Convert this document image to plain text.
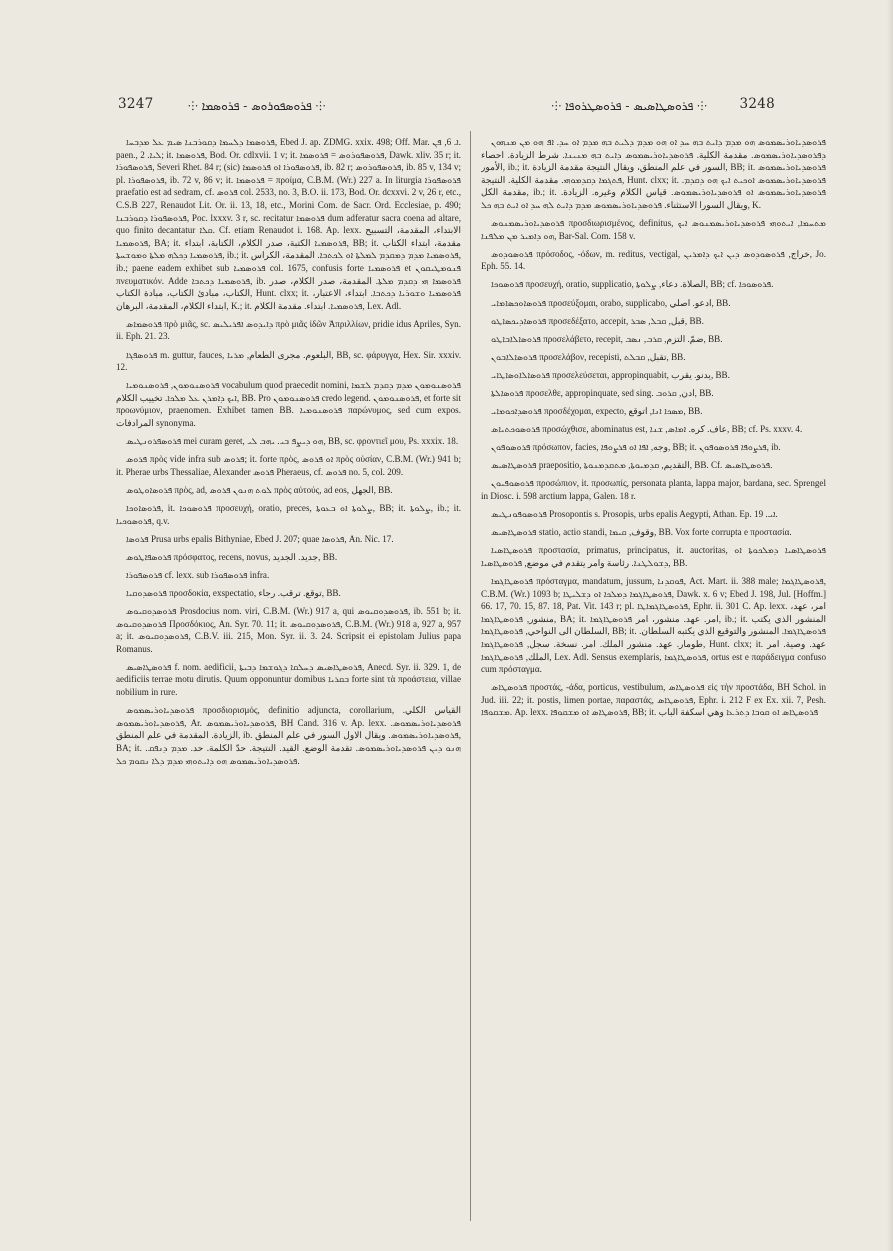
3247	⸭ ܦܪܘܣܦܘܪܘܣ - ܦܪܘܣܡܐ ⸭	⸭ ܦܪܘܣܛܐܣܝܣ - ܦܪܘܣܛܪܘܦܐ ⸭ 3248

ܦܪܘܣܡܐ ܕܠܚܡܐ ܕܩܘܪܒܢܐ ܣܝܡ ܥܠ ܡܕܒܚܐ, Ebed J. ap. ZDMG. xxix. 498; Off. Mar. ܐ. 6, ܦܢ. paen., ܠܝܐ. 2; it. ܦܪܘܣܡܐ, Bod. Or. cdlxvii. 1 v; it. ܦܪܘܣܦܘܪܘܣ = ܦܪܘܣܡܐ, Dawk. xliv. 35 r; it. ܦܪܘܣܦܘܪܐ, Severi Rhet. 84 r; (sic) ܦܪܘܣܦܘܪܐ ܐܘ ܦܪܘܣܡܐ, ib. 82 r; ܦܪܘܣܦܘܪܘܣ, ib. 85 v, 134 v; pl. ܦܪܘܣܦܘܪܐ, ib. 72 v, 86 v; it. ܦܪܘܣܡܐ = προίμα, C.B.M. (Wr.) 227 a. In liturgia ܦܪܘܣܦܘܪܐ praefatio est ad sedram, cf. ܦܪܘܣ col. 2533, no. 3, B.O. ii. 173, Bod. Or. dcxxvi. 2 v, 26 r, etc., C.S.B 227, Renaudot Lit. Or. ii. 13, 18, etc., Morini Com. de Sacr. Ord. Ecclesiae, p. 490; ܦܪܘܣܦܘܪܐ ܕܩܘܪܒܢܐ, Poc. lxxxv. 3 r, sc. recitatur ܦܪܘܣܡܐ dum adferatur sacra coena ad altare, quo finito decantatur ܩܠܐ. Cf. etiam Renaudot i. 168. Ap. lexx. الابتداء، المقدمة، التسبيح ܦܪܘܣܡܝܐ, BA; it. ܦܪܘܣܡܝܐ الكتبة، صدر الكلام، الكتابة، ابتداء, BB; it. مقدمة، ابتداء الكتاب ܦܪܘܣܡܝܐ ܕܟܠܗ ܡܠܬܐ ܘܡܘܫܚܬܐ, ib.; it. ܦܪܘܣܡܝܐ ܡܕܡ ܕܡܩܕܡ ܠܡܠܬܐ ܐܘ ܠܟܬܒܐ. المقدمة، الكراس, ib.; paene eadem exhibet sub ܦܪܘܣܡܝܐ col. 1675, confusis forte ܦܪܘܣܡܝܐ et ܦܢܘܡܛܝܩܘܢ πνευματικόν. Adde ܦܪܘܣܡܝܐ ܕܟܬܒܐ, ib. ܦܪܘܣܡܐ ܗܝ ܕܩܕܡ ܡܠܬܐ. المقدمة، صدر الكلام، صدر الكتاب، مبادئ الكتاب، مبادة الكتاب, Hunt. clxx; it. ܦܪܘܣܡܝܐ ܘܫܘܪܝܐ ܕܟܬܒܐ. ابتداء، الاعتبار، ابتداء الكلام، المقدمة، البرهان, K.; it. ܦܪܘܣܡܝܐ. ابتداء. مقدمة الكلام, Lex. Adl.

ܦܪܘܣܡܐܣ πρὸ μιᾶς, sc. ܕܐܝܕܘܣ ܐܦܪܝܠܝܣ πρὸ μιᾶς ἰδῶν Ἀπριλλίων, pridie idus Apriles, Syn. ii. Eph. 21. 23.

ܦܪܘܣܦܓܐ m. guttur, fauces, البلعوم. مجرى الطعام, ܡܪܝܐ, BB, sc. φάρυγγα, Hex. Sir. xxxiv. 12.

ܦܪܘܣܢܘܡܘܢ, ܦܪܘܣܢܘܡܝܐ vocabulum quod praecedit nomini, ܦܪܘܣܢܘܡܘܢ ܡܕܡ ܕܩܕܡ ܠܫܡܐ ܐܝܟ ܕܐܡܪܢ ܥܠ ܡܠܟܐ. تخييب الكلام, BB. Pro ܦܪܘܣܢܘܡܘܢ credo legend. ܦܪܘܣܢܘܡܘܢ, et forte sit προωνύμιον, praenomen. Exhibet tamen BB. ܦܪܘܣܢܘܡܝܐ παρώνυμος, sed cum expos. المرادفات synonyma.

ܦܪܘܣܦܪܘܢܛܝܣ mei curam geret, ܗܘ ܕܝܨܦ ܒܝ. ܝܗܒ ܠܝ, BB, sc. φροντιεῖ μου, Ps. xxxix. 18.

ܦܪܘܣ πρὸς vide infra sub ܦܪܘܣ; it. forte πρὸς, ܐܘ ܦܪܘܣ πρὸς οὐσίαν, C.B.M. (Wr.) 941 b; it. Pherae urbs Thessaliae, Alexander ܦܪܘܣ Pheraeus, cf. ܦܪܘܣ no. 5, col. 209.

ܦܪܘܣܐܘܛܘܣ πρὸς, ad, ܠܘܬ ܗܢܘܢ ܦܪܘܣ πρὸς αὐτούς, ad eos, الجهل, BB.

ܦܪܘܣܐܘܟܐ, it. ܦܪܘܣܘܟܐ προσευχή, oratio, preces, ܨܠܘܬܐ ܐܘ ܒܥܘܬܐ, BB; it. ܨܠܘܬܐ, ib.; it. ܦܪܘܣܘܟܝܐ, q.v.

ܦܪܘܣܐ Prusa urbs epalis Bithyniae, Ebed J. 207; quae ܦܪܘܣܐ, An. Nic. 17.

ܦܪܘܣܦܐܛܘܣ πρόσφατος, recens, novus, جديد. الجديد, BB.

ܦܪܘܣܦܘܪܐ cf. lexx. sub ܦܪܘܣܦܘܪܐ infra.

ܦܪܘܣܕܘܩܝܐ προσδοκία, exspectatio, توقع. ترقب. رجاء, BB.

ܦܪܘܣܕܘܩܝܘܣ Prosdocius nom. viri, C.B.M. (Wr.) 917 a, qui ܦܪܘܣܕܘܩܝܘܣ, ib. 551 b; it. ܦܪܘܣܕܘܩܝܘܣ Προσδόκιος, An. Syr. 70. 11; it. ܦܪܘܣܕܘܩܝܘܣ, C.B.M. (Wr.) 918 a, 927 a, 957 a; it. ܦܪܘܣܕܘܩܝܘܣ, C.B.V. iii. 215, Mon. Syr. ii. 3. 24. Scripsit ei epistolam Julius papa Romanus.

ܦܪܘܣܛܐܣܝܣ f. nom. aedificii, ܦܪܘܣܛܐܣܝܣ ܕܚܠܩܐ ܕܓܘܫܡܐ ܕܒܝܬܐ, Anecd. Syr. ii. 329. 1, de aedificiis terrae motu dirutis. Quum opponuntur domibus ܒܩܪܝܐ forte sint τὰ προάστεια, villae nobilium in rure.

ܦܪܘܣܕܝܐܘܪܝܣܡܘܣ προσδιορισμός, definitio adjuncta, corollarium, القياس الكلي. ܦܪܘܣܕܝܐܘܪܝܣܡܘܣ, Ar. ܦܪܘܣܕܝܐܘܪܝܣܡܘܣ, BH Cand. 316 v. Ap. lexx. ܦܪܘܣܕܝܐܘܪܝܣܡܘܣ. الزيادة. المقدمة في علم المنطق, ib. ܦܪܘܣܕܝܐܘܪܝܣܡܘܣ. ويقال الاول السور في علم المنطق, BA; it. ܗܢܘ ܕܝܢ ܦܪܘܣܕܝܐܘܪܝܣܡܘܣ. تقدمة الوضع. القيد. النتيجة. حدّ الكلمة. حد. ܡܕܡ ܕܢܦܩ. ܦܪܘܣܕܝܐܘܪܝܣܡܘܣ ܗܘ ܕܐܝܬܘܗܝ ܡܕܡ ܕܠܐ ܢܩܘܡ ܟܠ.

ܦܪܘܣܕܝܐܘܪܝܣܡܘܣ ܗܘ ܡܕܡ ܕܐܝܬ ܒܗ ܚܕ ܐܘ ܗܘ ܡܕܡ ܕܠܝܬ ܒܗ ܡܕܡ ܐܘ ܚܕ. ܐܦ ܗܘ ܡܢ ܡܢܗܘܢ ܕܦܪܘܣܕܝܐܘܪܝܣܡܘܣ. مقدمة الكلية. ܦܪܘܣܕܝܐܘܪܝܣܡܘܣ ܕܐܝܬ ܒܗ ܡܢܝܢܐ. شرط الزيادة. احصاء الأمور, ib.; it. السور في علم المنطق، ويقال النتيجة مقدمة الزيادة, BB; it. ܦܪܘܣܕܝܐܘܪܝܣܡܘܣ ܦܬܓܡܐ ܕܩܕܡܘܗܝ. مقدمة الكلية. النتيجة, Hunt. clxx; it. ܦܪܘܣܕܝܐܘܪܝܣܡܘܣ ܐܘܟܝܬ ܐܝܟ ܗܘ ܕܩܕܡ. مقدمة الكل, ib.; it. ܦܪܘܣܕܝܐܘܪܝܣܡܘܣ ܐܘ ܦܪܘܣܕܝܐܘܪܝܣܡܘܣ. قياس الكلام وغيره. الزيادة. ويقال السورا الاستثناء. ܦܪܘܣܕܝܐܘܪܝܣܡܘܣ ܡܕܡ ܕܐܝܬ ܠܗ ܚܕ ܐܘ ܐܝܬ ܒܗ ܟܠ, K.

ܦܪܘܣܕܝܐܘܪܝܣܡܢܘܣ προσδιωρισμένος, definitus, ܡܬܚܡܐ, ܐܝܬܘܗܝ ܦܪܘܣܕܝܐܘܪܝܣܡܢܘܣ ܐܝܟ ܗܘ ܕܐܡܝܪ ܡܢ ܡܠܦܢܐ, Bar-Sal. Com. 158 v.

ܦܪܘܣܘܕܘܣ πρόσοδος, -όδων, m. reditus, vectigal, خراج, ܦܪܘܣܘܕܘܣ ܕܝܢ ܐܝܟ ܕܐܡܪܝܢ, Jo. Eph. 55. 14.

ܦܪܘܣܘܟܐ προσευχή, oratio, supplicatio, الصلاة. دعاء, ܨܠܘܬܐ, BB; cf. ܦܪܘܣܘܟܐ.

ܦܪܘܣܐܘܟܣܐܡܐܝ προσεύξομαι, orabo, supplicabo, ادعو. اصلي, BB.

ܦܪܘܣܐܕܝܟܣܐܛܘ προσεδέξατο, accepit, قبل, ܩܒܠ, ܣܒܪ, BB.

ܦܪܘܣܐܠܐܒܐܛܘ προσελάβετο, recepit, ضمّ. التزم, ܩܪܒ, ܢܣܒ, BB.

ܦܪܘܣܐܠܐܒܘܢ προσελάβον, recepisti, تقبل, ܩܒܠܬ, BB.

ܦܪܘܣܐܠܐܘܣܐܛܐܝ προσελεύσεται, appropinquabit, يدنو. يقرب, BB.

ܦܪܘܣܐܠܬܐ προσελθε, appropinquate, sed sing. ادن, ܩܪܘܒ, BB.

ܦܪܘܣܕܐܟܘܡܐܝ προσδέχομαι, expecto, ܡܣܟܐ ܐܢܐ, اتوقع, BB.

ܦܪܘܣܘܟܬܝܐܣ προσώχθισε, abominatus est, عاف. كره. ܐܡܐܣ, ܫܢܐ, BB; cf. Ps. xxxv. 4.

ܦܪܘܣܘܦܘܢ πρόσωπον, facies, وجه, ܐܦܐ ܐܘ ܦܪܨܘܦܐ, BB; it. ܦܪܨܘܦܐ ܦܪܘܣܘܦܘܢ, ib.

ܦܪܘܣܛܐܣܝܣ praepositio, التقديم, ܩܕܡܝܘܬܐ, ܡܬܩܕܡܢܘܬܐ, BB. Cf. ܦܪܘܣܛܐܣܝܣ.

ܦܪܘܣܘܦܝܘܢ προσώπιον, it. προσωπίς, personata planta, lappa major, bardana, sec. Sprengel in Diosc. i. 598 arctium lappa, Galen. 18 r.

ܦܪܘܣܘܦܘܢܛܝܣ Prosopontis s. Prosopis, urbs epalis Aegypti, Athan. Ep. ܐܝ. 19.

ܦܪܘܣܛܐܣܝܣ statio, actio standi, وقوف, ܩܝܡܐ, BB. Vox forte corrupta e προστασία.

ܦܪܘܣܛܐܣܝܐ προστασία, primatus, principatus, it. auctoritas, ܦܪܘܣܛܐܣܝܐ ܕܡܠܟܘܬܐ ܐܘ ܕܫܘܠܛܢܐ. رئاسة وامر يتقدم في موضع, ܦܪܘܣܛܐܣܝܐ, BB.

ܦܪܘܣܛܐܓܡܐ πρόσταγμα, mandatum, jussum, ܦܘܩܕܢܐ, Act. Mart. ii. 388 male; ܦܪܘܣܛܐܓܡܐ, C.B.M. (Wr.) 1093 b; ܦܪܘܣܛܐܓܡܐ ܕܡܠܟܐ ܐܘ ܕܫܠܝܛܐ, Dawk. x. 6 v; Ebed J. 198, Jul. [Hoffm.] 66. 17, 70. 15, 87. 18, Pat. Vit. 143 r; pl. ܦܪܘܣܛܐܓܡܐܛܐ, Ephr. ii. 301 C. Ap. lexx. امر، عهد، منشور, ܦܪܘܣܛܐܓܡܐ, BA; it. امر. عهد. منشور، امر ܦܪܘܣܛܐܓܡܐ, ib.; it. المنشور الذي يكتب السلطان الى النواحي, ܦܪܘܣܛܐܓܡܐ, BB; it. ܦܪܘܣܛܐܓܡܐ. المنشور والتوقيع الذي يكتبه السلطان. طومار. عهد. منشور الملك. امر. نسخة. سجل, ܦܪܘܣܛܐܓܡܐ, Hunt. clxx; it. عهد. وصية. امر الملك, ܦܪܘܣܛܐܓܡܐ, Lex. Adl. Sensus exemplaris, ܦܪܘܣܛܐܓܡܐ, ortus est e παράδειγμα confuso cum πρόσταγμα.

ܦܪܘܣܛܐܣ προστάς, -άδα, porticus, vestibulum, ܦܪܘܣܛܐܣ εἰς τὴν προστάδα, BH Schol. in Jud. iii. 22; it. postis, limen portae, παραστάς, ܦܪܘܣܛܐܣ, Ephr. i. 212 F ex Ex. xii. 7, Pesh. ܡܫܩܘܦܐ. Ap. lexx. ܦܪܘܣܛܐܣ ܐܘ ܡܫܩܘܦܐ, BB; it. ܦܪܘܣܛܐܣ ܐܘ ܩܘܒܐ ܕܬܪܥܐ وهي اسكفة الباب
